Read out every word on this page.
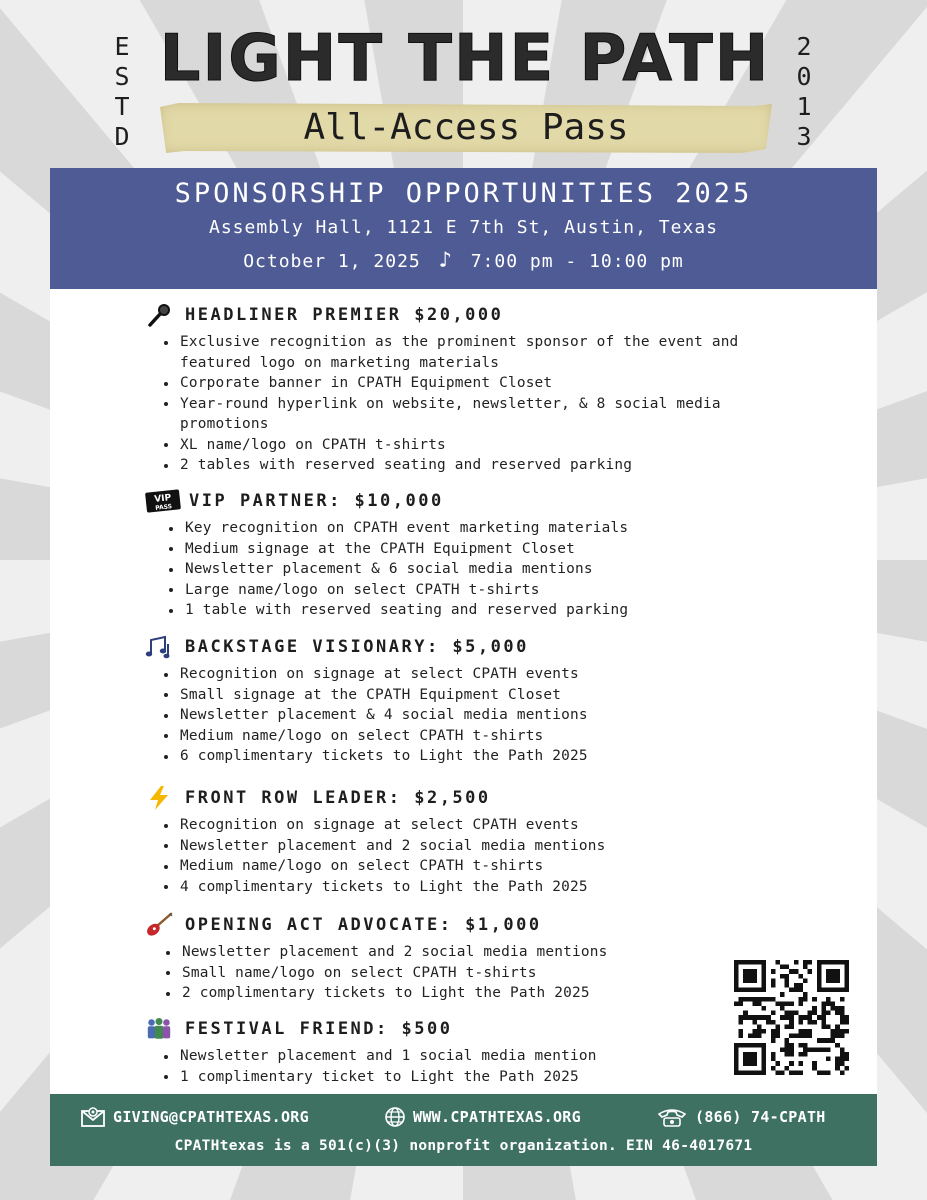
E
S
T
D
2
0
1
3
LIGHT THE PATH
All-Access Pass
SPONSORSHIP OPPORTUNITIES 2025
Assembly Hall, 1121 E 7th St, Austin, Texas
October 1, 2025 ♪ 7:00 pm - 10:00 pm
HEADLINER PREMIER $20,000
Exclusive recognition as the prominent sponsor of the event and featured logo on marketing materials
Corporate banner in CPATH Equipment Closet
Year-round hyperlink on website, newsletter, & 8 social media promotions
XL name/logo on CPATH t-shirts
2 tables with reserved seating and reserved parking
VIP
PASS VIP PARTNER: $10,000
Key recognition on CPATH event marketing materials
Medium signage at the CPATH Equipment Closet
Newsletter placement & 6 social media mentions
Large name/logo on select CPATH t-shirts
1 table with reserved seating and reserved parking
BACKSTAGE VISIONARY: $5,000
Recognition on signage at select CPATH events
Small signage at the CPATH Equipment Closet
Newsletter placement & 4 social media mentions
Medium name/logo on select CPATH t-shirts
6 complimentary tickets to Light the Path 2025
FRONT ROW LEADER: $2,500
Recognition on signage at select CPATH events
Newsletter placement and 2 social media mentions
Medium name/logo on select CPATH t-shirts
4 complimentary tickets to Light the Path 2025
OPENING ACT ADVOCATE: $1,000
Newsletter placement and 2 social media mentions
Small name/logo on select CPATH t-shirts
2 complimentary tickets to Light the Path 2025
FESTIVAL FRIEND: $500
Newsletter placement and 1 social media mention
1 complimentary ticket to Light the Path 2025
GIVING@CPATHTEXAS.ORG	WWW.CPATHTEXAS.ORG	(866) 74-CPATH
CPATHtexas is a 501(c)(3) nonprofit organization. EIN 46-4017671
